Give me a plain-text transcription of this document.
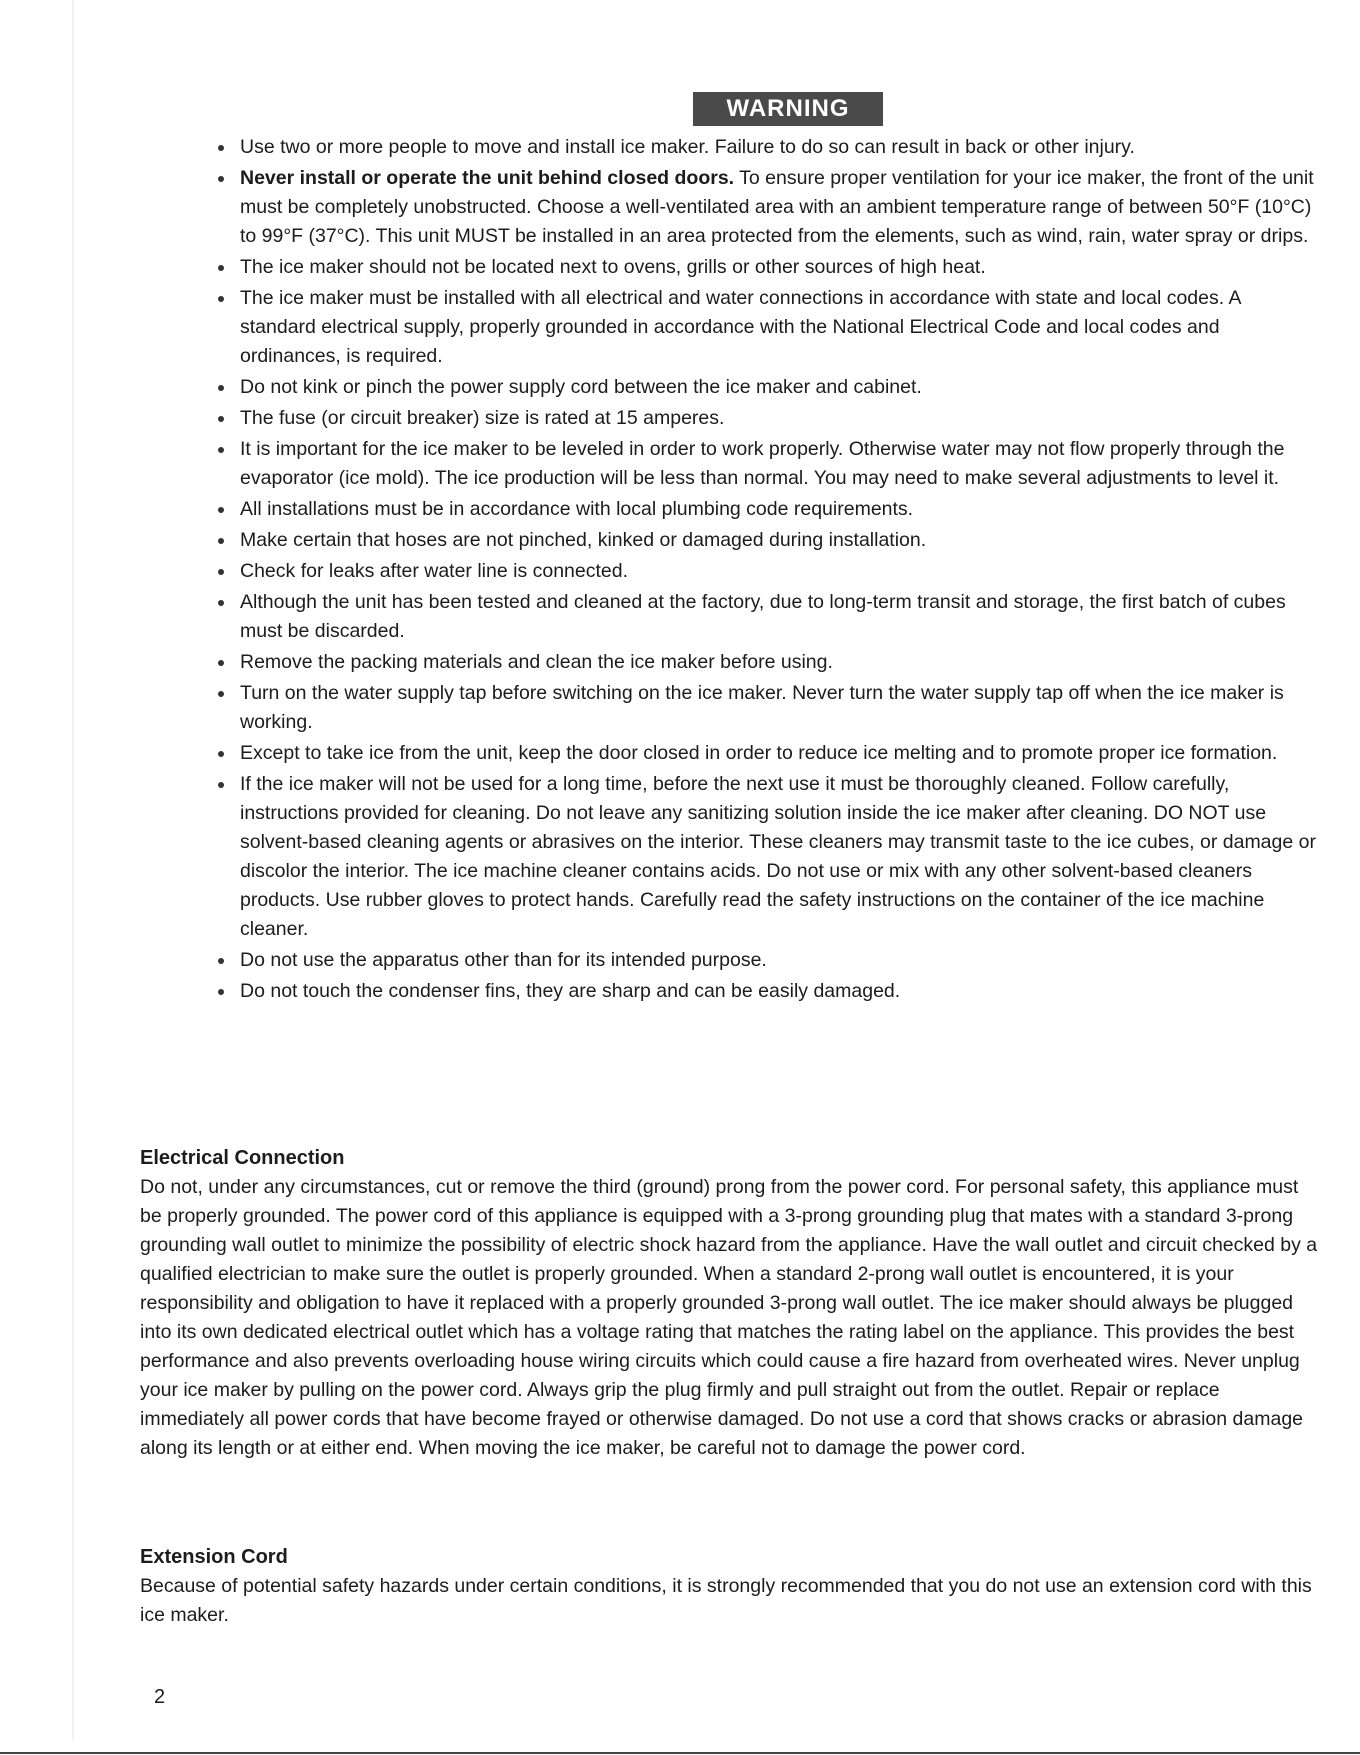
WARNING
Use two or more people to move and install ice maker. Failure to do so can result in back or other injury.
Never install or operate the unit behind closed doors. To ensure proper ventilation for your ice maker, the front of the unit must be completely unobstructed. Choose a well-ventilated area with an ambient temperature range of between 50°F (10°C) to 99°F (37°C). This unit MUST be installed in an area protected from the elements, such as wind, rain, water spray or drips.
The ice maker should not be located next to ovens, grills or other sources of high heat.
The ice maker must be installed with all electrical and water connections in accordance with state and local codes. A standard electrical supply, properly grounded in accordance with the National Electrical Code and local codes and ordinances, is required.
Do not kink or pinch the power supply cord between the ice maker and cabinet.
The fuse (or circuit breaker) size is rated at 15 amperes.
It is important for the ice maker to be leveled in order to work properly. Otherwise water may not flow properly through the evaporator (ice mold). The ice production will be less than normal. You may need to make several adjustments to level it.
All installations must be in accordance with local plumbing code requirements.
Make certain that hoses are not pinched, kinked or damaged during installation.
Check for leaks after water line is connected.
Although the unit has been tested and cleaned at the factory, due to long-term transit and storage, the first batch of cubes must be discarded.
Remove the packing materials and clean the ice maker before using.
Turn on the water supply tap before switching on the ice maker. Never turn the water supply tap off when the ice maker is working.
Except to take ice from the unit, keep the door closed in order to reduce ice melting and to promote proper ice formation.
If the ice maker will not be used for a long time, before the next use it must be thoroughly cleaned. Follow carefully, instructions provided for cleaning. Do not leave any sanitizing solution inside the ice maker after cleaning. DO NOT use solvent-based cleaning agents or abrasives on the interior. These cleaners may transmit taste to the ice cubes, or damage or discolor the interior. The ice machine cleaner contains acids. Do not use or mix with any other solvent-based cleaners products. Use rubber gloves to protect hands. Carefully read the safety instructions on the container of the ice machine cleaner.
Do not use the apparatus other than for its intended purpose.
Do not touch the condenser fins, they are sharp and can be easily damaged.

Electrical Connection

Do not, under any circumstances, cut or remove the third (ground) prong from the power cord. For personal safety, this appliance must be properly grounded. The power cord of this appliance is equipped with a 3-prong grounding plug that mates with a standard 3-prong grounding wall outlet to minimize the possibility of electric shock hazard from the appliance. Have the wall outlet and circuit checked by a qualified electrician to make sure the outlet is properly grounded. When a standard 2-prong wall outlet is encountered, it is your responsibility and obligation to have it replaced with a properly grounded 3-prong wall outlet. The ice maker should always be plugged into its own dedicated electrical outlet which has a voltage rating that matches the rating label on the appliance. This provides the best performance and also prevents overloading house wiring circuits which could cause a fire hazard from overheated wires. Never unplug your ice maker by pulling on the power cord. Always grip the plug firmly and pull straight out from the outlet. Repair or replace immediately all power cords that have become frayed or otherwise damaged. Do not use a cord that shows cracks or abrasion damage along its length or at either end. When moving the ice maker, be careful not to damage the power cord.

Extension Cord

Because of potential safety hazards under certain conditions, it is strongly recommended that you do not use an extension cord with this ice maker.

2
